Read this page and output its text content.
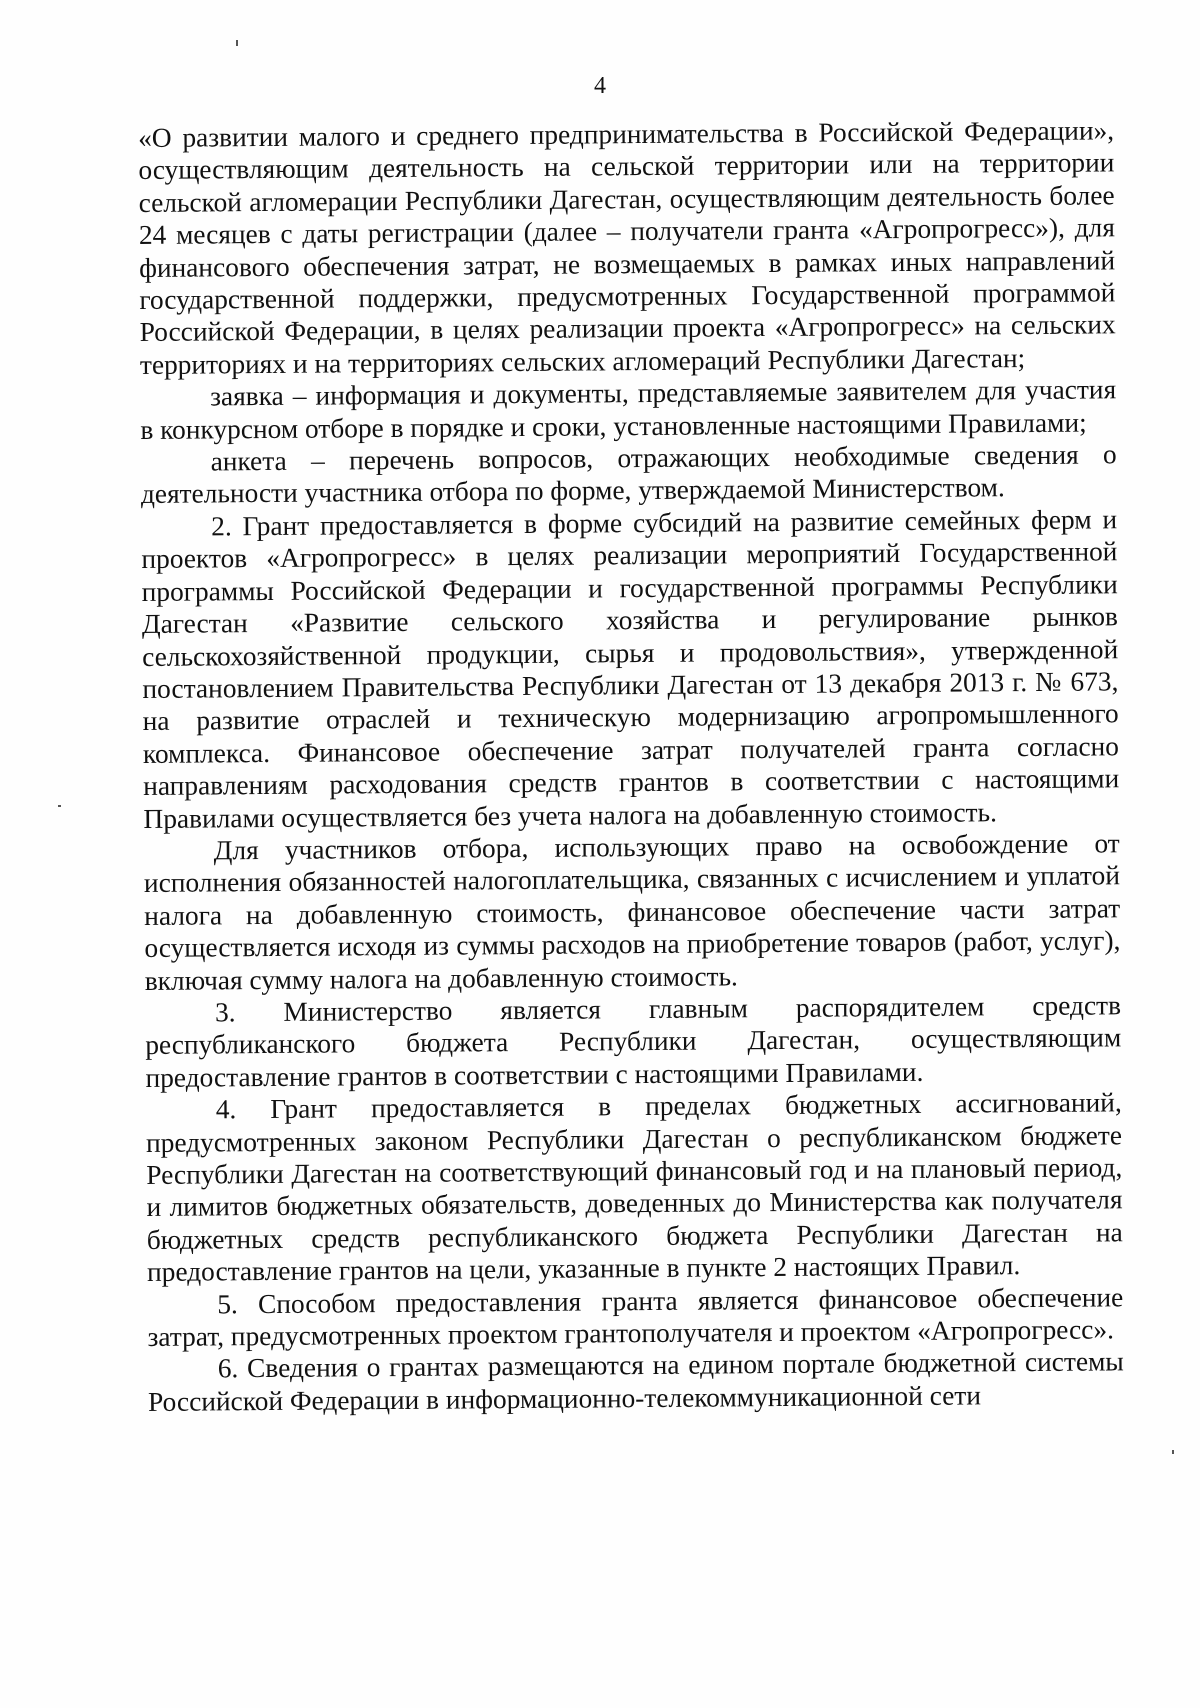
4

«О развитии малого и среднего предпринимательства в Российской Федерации», осуществляющим деятельность на сельской территории или на территории сельской агломерации Республики Дагестан, осуществляющим деятельность более 24 месяцев с даты регистрации (далее – получатели гранта «Агропрогресс»), для финансового обеспечения затрат, не возмещаемых в рамках иных направлений государственной поддержки, предусмотренных Государственной программой Российской Федерации, в целях реализации проекта «Агропрогресс» на сельских территориях и на территориях сельских агломераций Республики Дагестан;

заявка – информация и документы, представляемые заявителем для участия в конкурсном отборе в порядке и сроки, установленные настоящими Правилами;

анкета – перечень вопросов, отражающих необходимые сведения о деятельности участника отбора по форме, утверждаемой Министерством.

2. Грант предоставляется в форме субсидий на развитие семейных ферм и проектов «Агропрогресс» в целях реализации мероприятий Государственной программы Российской Федерации и государственной программы Республики Дагестан «Развитие сельского хозяйства и регулирование рынков сельскохозяйственной продукции, сырья и продовольствия», утвержденной постановлением Правительства Республики Дагестан от 13 декабря 2013 г. № 673, на развитие отраслей и техническую модернизацию агропромышленного комплекса. Финансовое обеспечение затрат получателей гранта согласно направлениям расходования средств грантов в соответствии с настоящими Правилами осуществляется без учета налога на добавленную стоимость.

Для участников отбора, использующих право на освобождение от исполнения обязанностей налогоплательщика, связанных с исчислением и уплатой налога на добавленную стоимость, финансовое обеспечение части затрат осуществляется исходя из суммы расходов на приобретение товаров (работ, услуг), включая сумму налога на добавленную стоимость.

3. Министерство является главным распорядителем средств республиканского бюджета Республики Дагестан, осуществляющим предоставление грантов в соответствии с настоящими Правилами.

4. Грант предоставляется в пределах бюджетных ассигнований, предусмотренных законом Республики Дагестан о республиканском бюджете Республики Дагестан на соответствующий финансовый год и на плановый период, и лимитов бюджетных обязательств, доведенных до Министерства как получателя бюджетных средств республиканского бюджета Республики Дагестан на предоставление грантов на цели, указанные в пункте 2 настоящих Правил.

5. Способом предоставления гранта является финансовое обеспечение затрат, предусмотренных проектом грантополучателя и проектом «Агропрогресс».

6. Сведения о грантах размещаются на едином портале бюджетной системы Российской Федерации в информационно-телекоммуникационной сети
